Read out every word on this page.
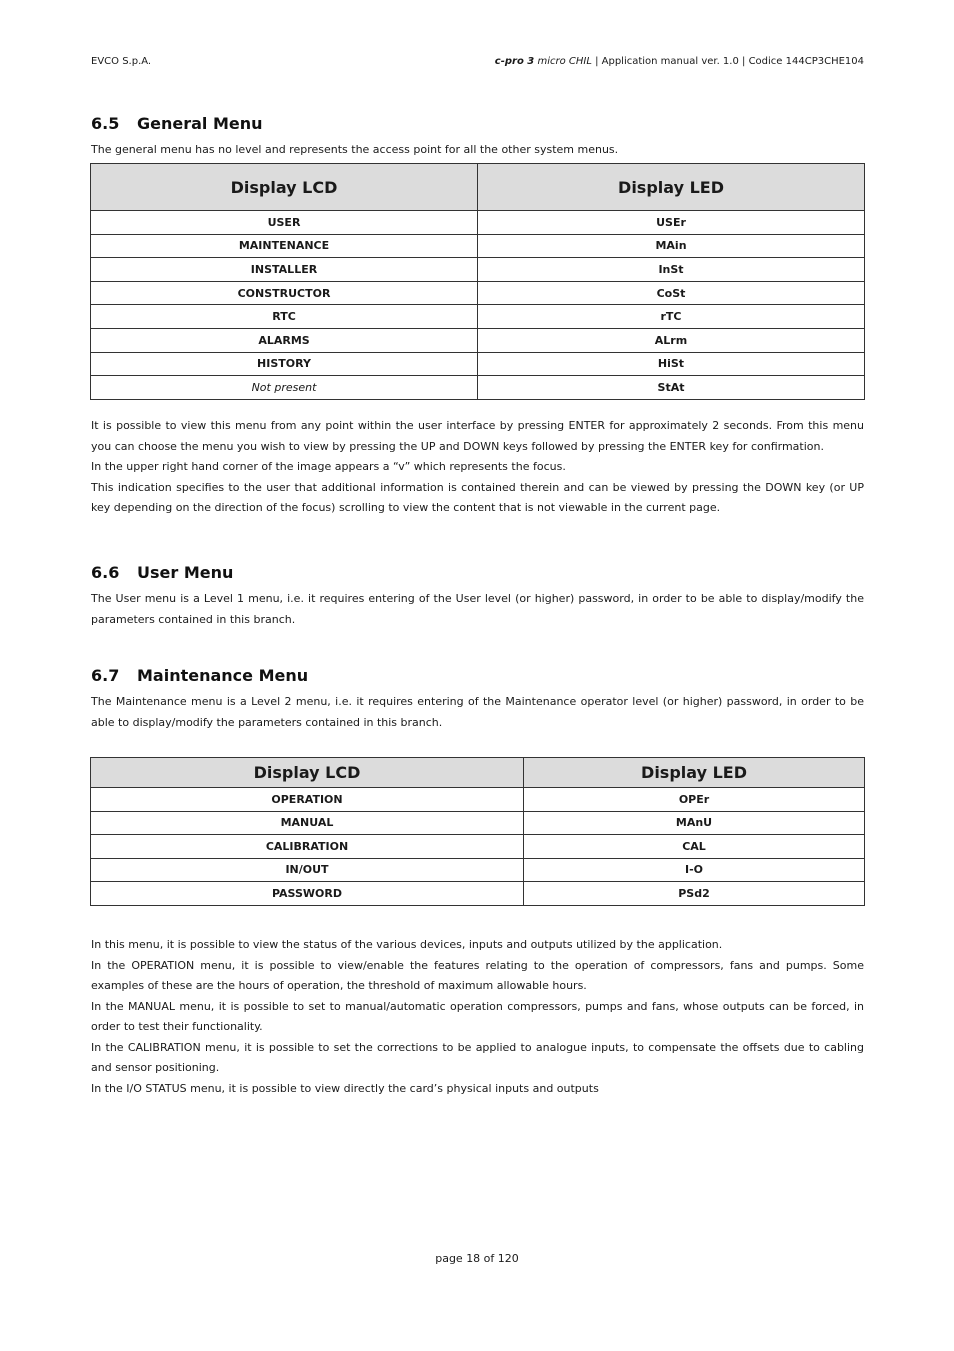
EVCO S.p.A.	c-pro 3 micro CHIL | Application manual ver. 1.0 | Codice 144CP3CHE104
6.5 General Menu
The general menu has no level and represents the access point for all the other system menus.
Display LCD	Display LED
USER	USEr
MAINTENANCE	MAin
INSTALLER	InSt
CONSTRUCTOR	CoSt
RTC	rTC
ALARMS	ALrm
HISTORY	HiSt
Not present	StAt

It is possible to view this menu from any point within the user interface by pressing ENTER for approximately 2 seconds. From this menu you can choose the menu you wish to view by pressing the UP and DOWN keys followed by pressing the ENTER key for confirmation.

In the upper right hand corner of the image appears a “v” which represents the focus.

This indication specifies to the user that additional information is contained therein and can be viewed by pressing the DOWN key (or UP key depending on the direction of the focus) scrolling to view the content that is not viewable in the current page.

6.6 User Menu
The User menu is a Level 1 menu, i.e. it requires entering of the User level (or higher) password, in order to be able to display/modify the parameters contained in this branch.
6.7 Maintenance Menu
The Maintenance menu is a Level 2 menu, i.e. it requires entering of the Maintenance operator level (or higher) password, in order to be able to display/modify the parameters contained in this branch.
Display LCD	Display LED
OPERATION	OPEr
MANUAL	MAnU
CALIBRATION	CAL
IN/OUT	I-O
PASSWORD	PSd2

In this menu, it is possible to view the status of the various devices, inputs and outputs utilized by the application.

In the OPERATION menu, it is possible to view/enable the features relating to the operation of compressors, fans and pumps. Some examples of these are the hours of operation, the threshold of maximum allowable hours.

In the MANUAL menu, it is possible to set to manual/automatic operation compressors, pumps and fans, whose outputs can be forced, in order to test their functionality.

In the CALIBRATION menu, it is possible to set the corrections to be applied to analogue inputs, to compensate the offsets due to cabling and sensor positioning.

In the I/O STATUS menu, it is possible to view directly the card’s physical inputs and outputs

page 18 of 120
